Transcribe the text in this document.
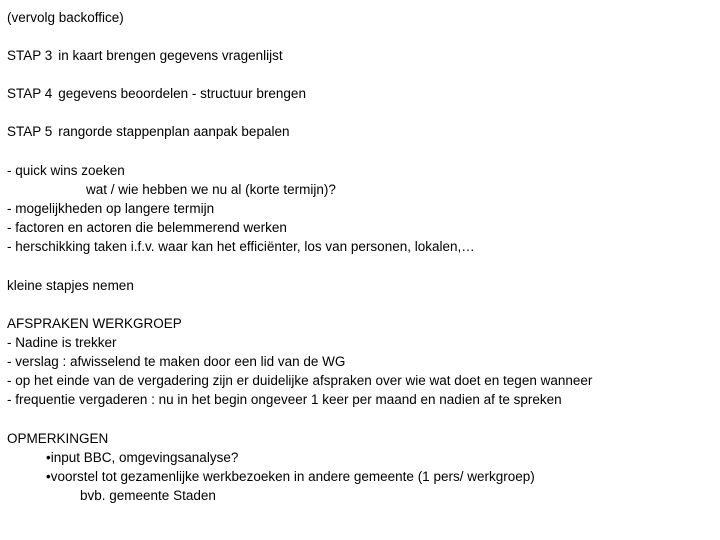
(vervolg backoffice)
STAP 3 in kaart brengen gegevens vragenlijst
STAP 4 gegevens beoordelen - structuur brengen
STAP 5 rangorde stappenplan aanpak bepalen
- quick wins zoeken
wat / wie hebben we nu al (korte termijn)?
- mogelijkheden op langere termijn
- factoren en actoren die belemmerend werken
- herschikking taken i.f.v. waar kan het efficiënter, los van personen, lokalen,…
kleine stapjes nemen
AFSPRAKEN WERKGROEP
- Nadine is trekker
- verslag : afwisselend te maken door een lid van de WG
- op het einde van de vergadering zijn er duidelijke afspraken over wie wat doet en tegen wanneer
- frequentie vergaderen : nu in het begin ongeveer 1 keer per maand en nadien af te spreken
OPMERKINGEN
•input BBC, omgevingsanalyse?
•voorstel tot gezamenlijke werkbezoeken in andere gemeente (1 pers/ werkgroep)
bvb. gemeente Staden
